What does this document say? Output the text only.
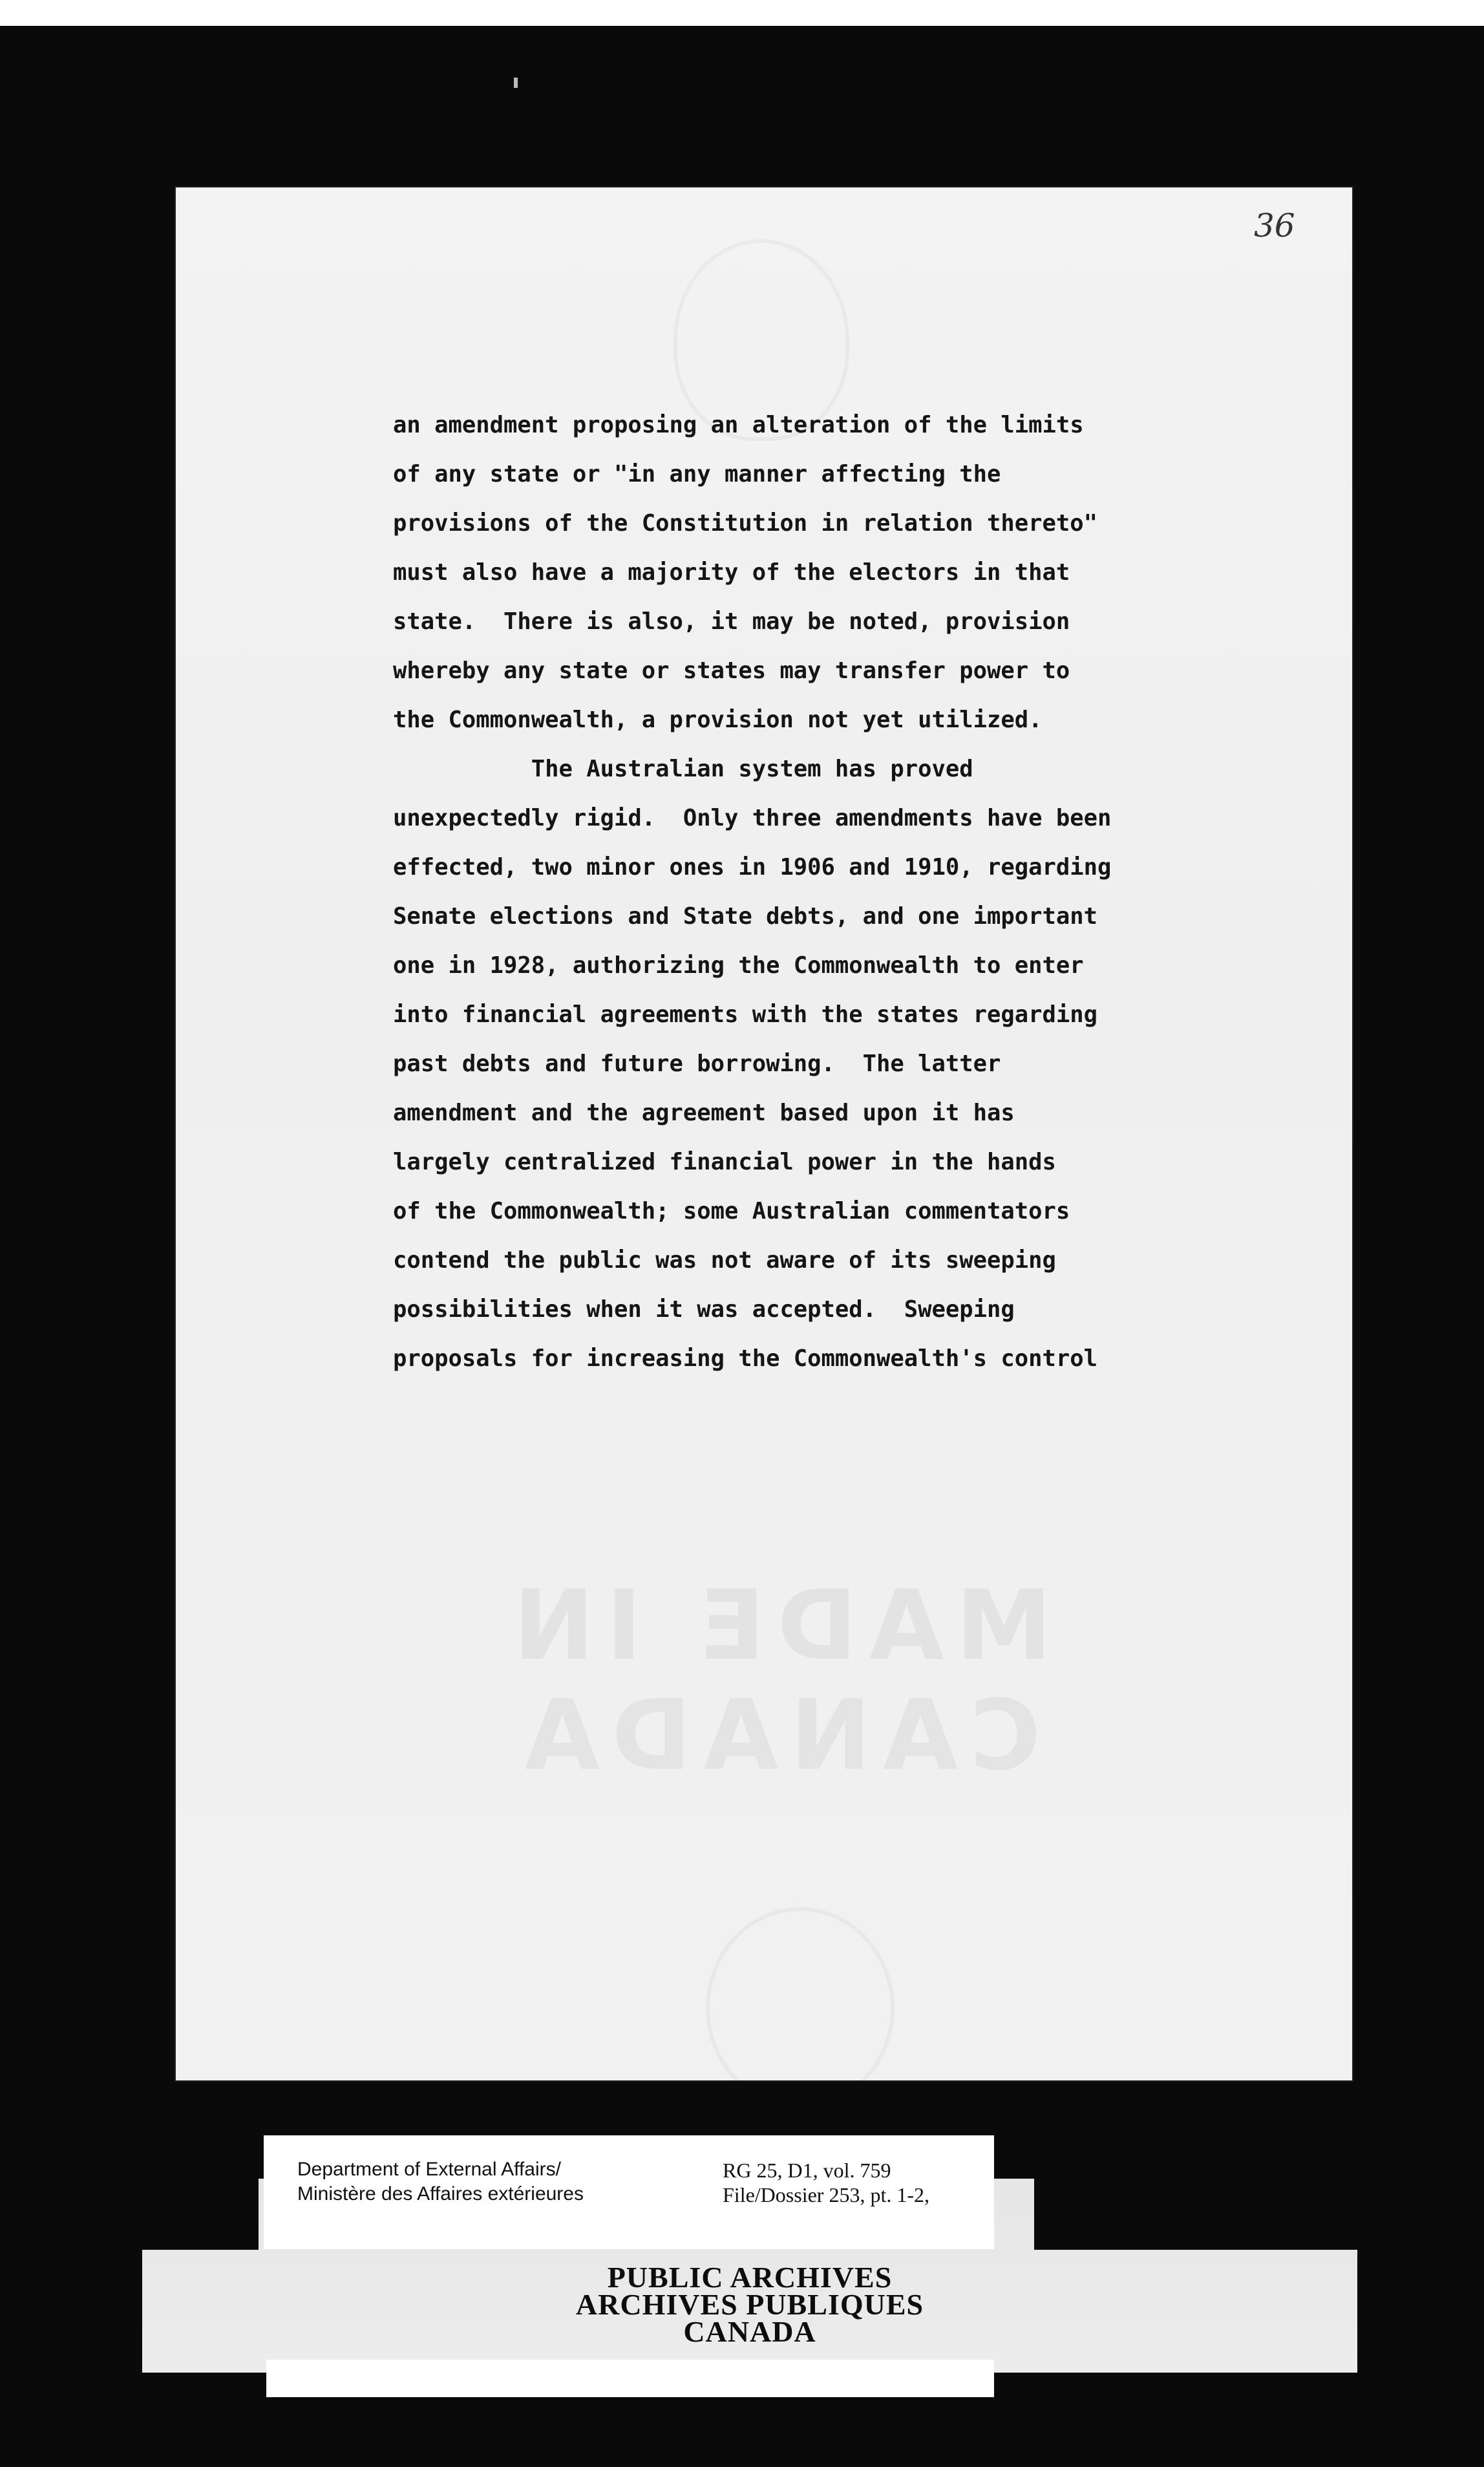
MADE IN CANADA
36
an amendment proposing an alteration of the limits
of any state or "in any manner affecting the
provisions of the Constitution in relation thereto"
must also have a majority of the electors in that
state.  There is also, it may be noted, provision
whereby any state or states may transfer power to
the Commonwealth, a provision not yet utilized.
The Australian system has proved
unexpectedly rigid.  Only three amendments have been
effected, two minor ones in 1906 and 1910, regarding
Senate elections and State debts, and one important
one in 1928, authorizing the Commonwealth to enter
into financial agreements with the states regarding
past debts and future borrowing.  The latter
amendment and the agreement based upon it has
largely centralized financial power in the hands
of the Commonwealth; some Australian commentators
contend the public was not aware of its sweeping
possibilities when it was accepted.  Sweeping
proposals for increasing the Commonwealth's control
PUBLIC ARCHIVES
ARCHIVES PUBLIQUES
CANADA
Department of External Affairs/
Ministère des Affaires extérieures
RG 25, D1, vol. 759
File/Dossier 253, pt. 1-2,
